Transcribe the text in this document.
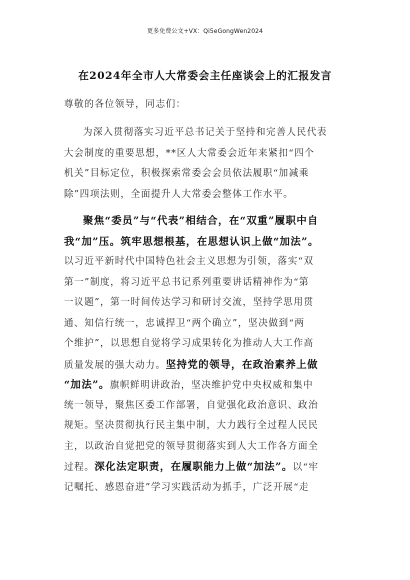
更多免费公文+VX：Qi5eGongWen2024
在2024年全市人大常委会主任座谈会上的汇报发言
尊敬的各位领导，同志们：
为深入贯彻落实习近平总书记关于坚持和完善人民代表
大会制度的重要思想，**区人大常委会近年来紧扣“四个
机关”目标定位，积极探索常委会会员依法履职“加减乘
除”四项法则，全面提升人大常委会整体工作水平。
聚焦“委员”与“代表”相结合，在“双重”履职中自
我“加”压。筑牢思想根基，在思想认识上做“加法”。
以习近平新时代中国特色社会主义思想为引领，落实“双
第一”制度，将习近平总书记系列重要讲话精神作为“第
一议题”，第一时间传达学习和研讨交流，坚持学思用贯
通、知信行统一，忠诚捍卫“两个确立”，坚决做到“两
个维护”，以思想自觉将学习成果转化为推动人大工作高
质量发展的强大动力。坚持党的领导，在政治素养上做
“加法”。旗帜鲜明讲政治，坚决维护党中央权威和集中
统一领导，聚焦区委工作部署，自觉强化政治意识、政治
规矩。坚决贯彻执行民主集中制，大力践行全过程人民民
主，以政治自觉把党的领导贯彻落实到人大工作各方面全
过程。深化法定职责，在履职能力上做“加法”。以“牢
记嘱托、感恩奋进”学习实践活动为抓手，广泛开展“走
